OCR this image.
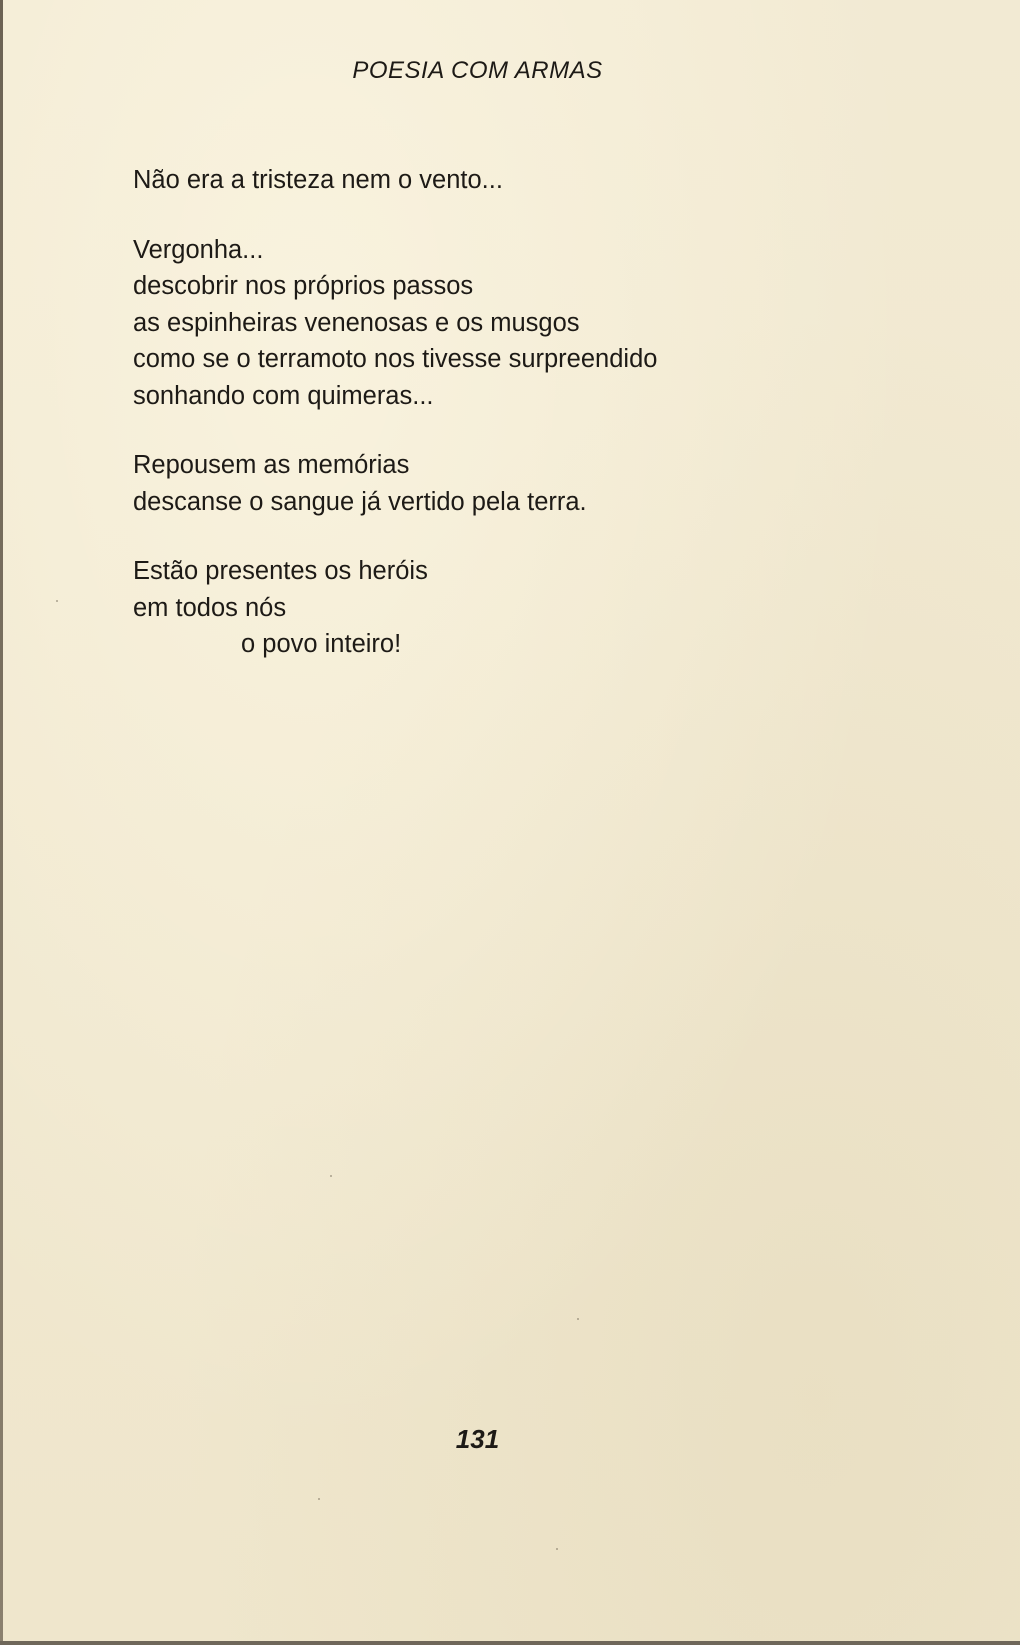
POESIA COM ARMAS
Não era a tristeza nem o vento...
Vergonha...
descobrir nos próprios passos
as espinheiras venenosas e os musgos
como se o terramoto nos tivesse surpreendido
sonhando com quimeras...
Repousem as memórias
descanse o sangue já vertido pela terra.
Estão presentes os heróis
em todos nós
o povo inteiro!
131
